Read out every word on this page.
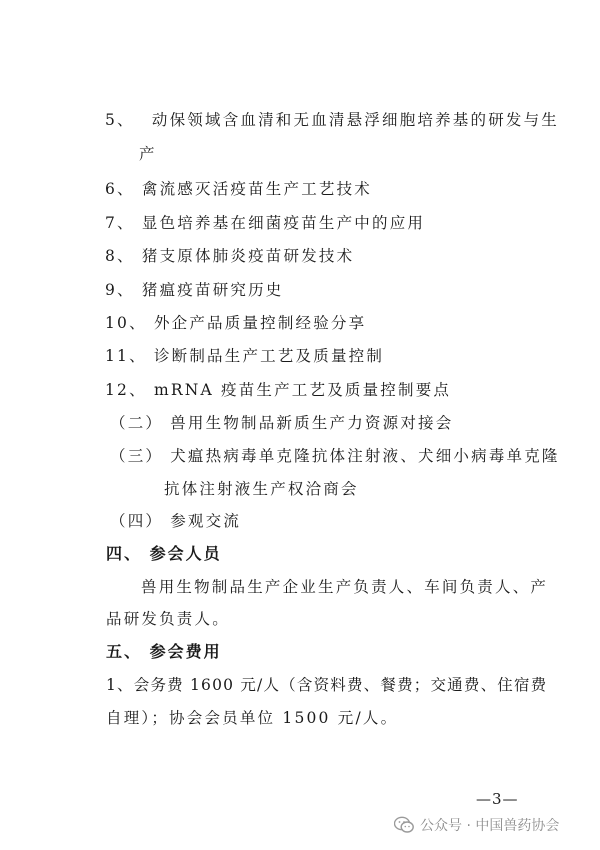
5、 动保领域含血清和无血清悬浮细胞培养基的研发与生
产
6、 禽流感灭活疫苗生产工艺技术
7、 显色培养基在细菌疫苗生产中的应用
8、 猪支原体肺炎疫苗研发技术
9、 猪瘟疫苗研究历史
10、 外企产品质量控制经验分享
11、 诊断制品生产工艺及质量控制
12、 mRNA 疫苗生产工艺及质量控制要点
（二） 兽用生物制品新质生产力资源对接会
（三） 犬瘟热病毒单克隆抗体注射液、犬细小病毒单克隆
抗体注射液生产权洽商会
（四） 参观交流
四、 参会人员
兽用生物制品生产企业生产负责人、车间负责人、产
品研发负责人。
五、 参会费用
1、会务费 1600 元/人（含资料费、餐费；交通费、住宿费
自理）；协会会员单位 1500 元/人。
—3—
公众号 · 中国兽药协会
